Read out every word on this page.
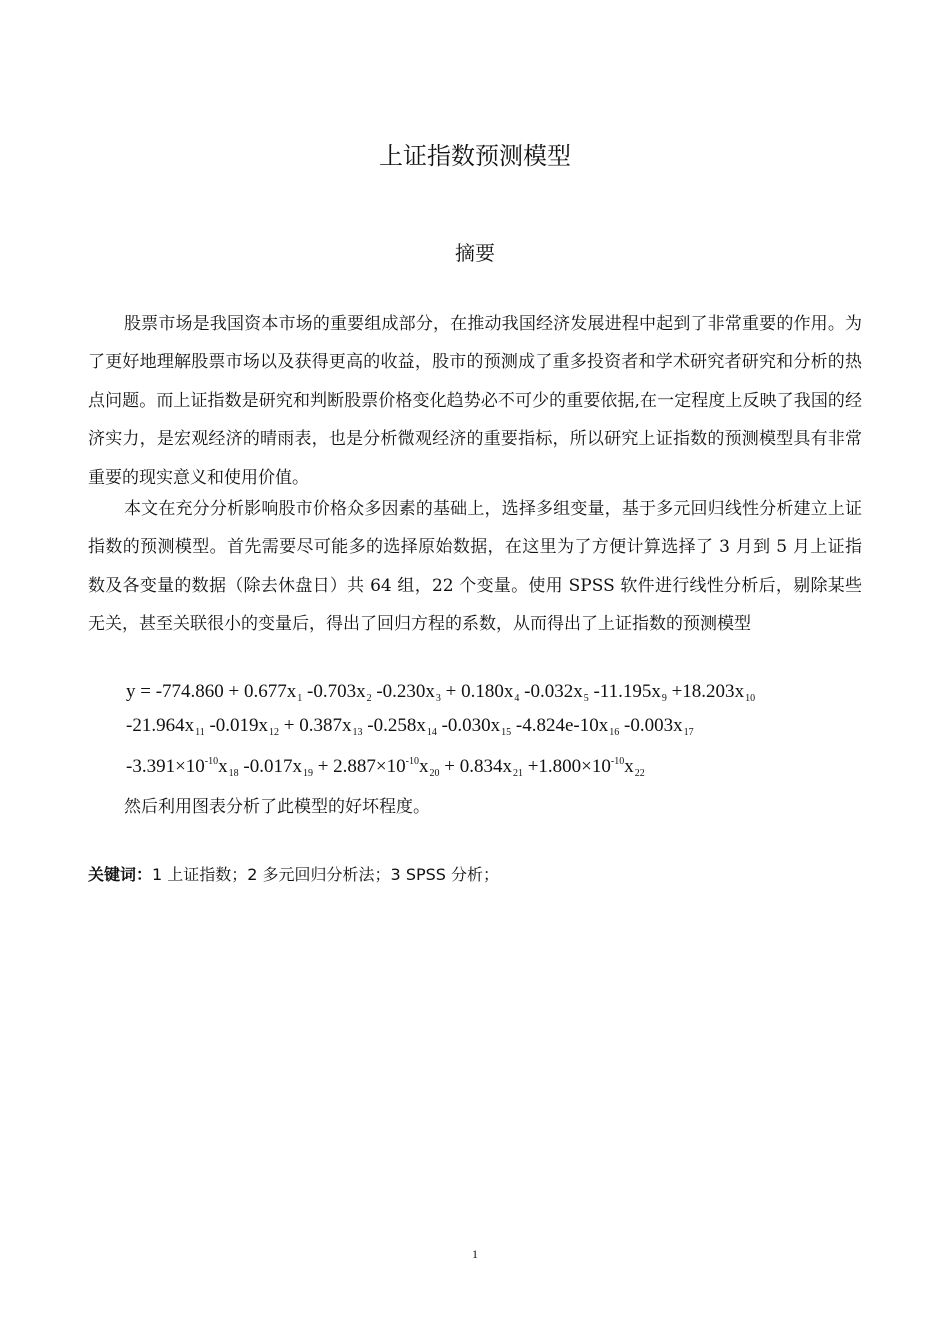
上证指数预测模型
摘要

股票市场是我国资本市场的重要组成部分，在推动我国经济发展进程中起到了非常重要的作用。为了更好地理解股票市场以及获得更高的收益，股市的预测成了重多投资者和学术研究者研究和分析的热点问题。而上证指数是研究和判断股票价格变化趋势必不可少的重要依据,在一定程度上反映了我国的经济实力，是宏观经济的晴雨表，也是分析微观经济的重要指标，所以研究上证指数的预测模型具有非常重要的现实意义和使用价值。

本文在充分分析影响股市价格众多因素的基础上，选择多组变量，基于多元回归线性分析建立上证指数的预测模型。首先需要尽可能多的选择原始数据，在这里为了方便计算选择了 3 月到 5 月上证指数及各变量的数据（除去休盘日）共 64 组，22 个变量。使用 SPSS 软件进行线性分析后，剔除某些无关，甚至关联很小的变量后，得出了回归方程的系数，从而得出了上证指数的预测模型

$y = -774.860 + 0.677x_1$ $-0.703x_2$ $-0.230x_3 + 0.180x_4$ $-0.032x_5$ $-11.195x_9 +18.203x_{10}$
$-21.964x_{11}$ $-0.019x_{12} + 0.387x_{13}$ $-0.258x_{14}$ $-0.030x_{15}$ $-4.824e-10x_{16}$ $-0.003x_{17}$
$-3.391\times 10^{-10}x_{18}$ $-0.017x_{19} + 2.887\times 10^{-10}x_{20} + 0.834x_{21} +1.800\times 10^{-10}x_{22}$
然后利用图表分析了此模型的好坏程度。
关键词：1 上证指数；2 多元回归分析法；3 SPSS 分析；
1
